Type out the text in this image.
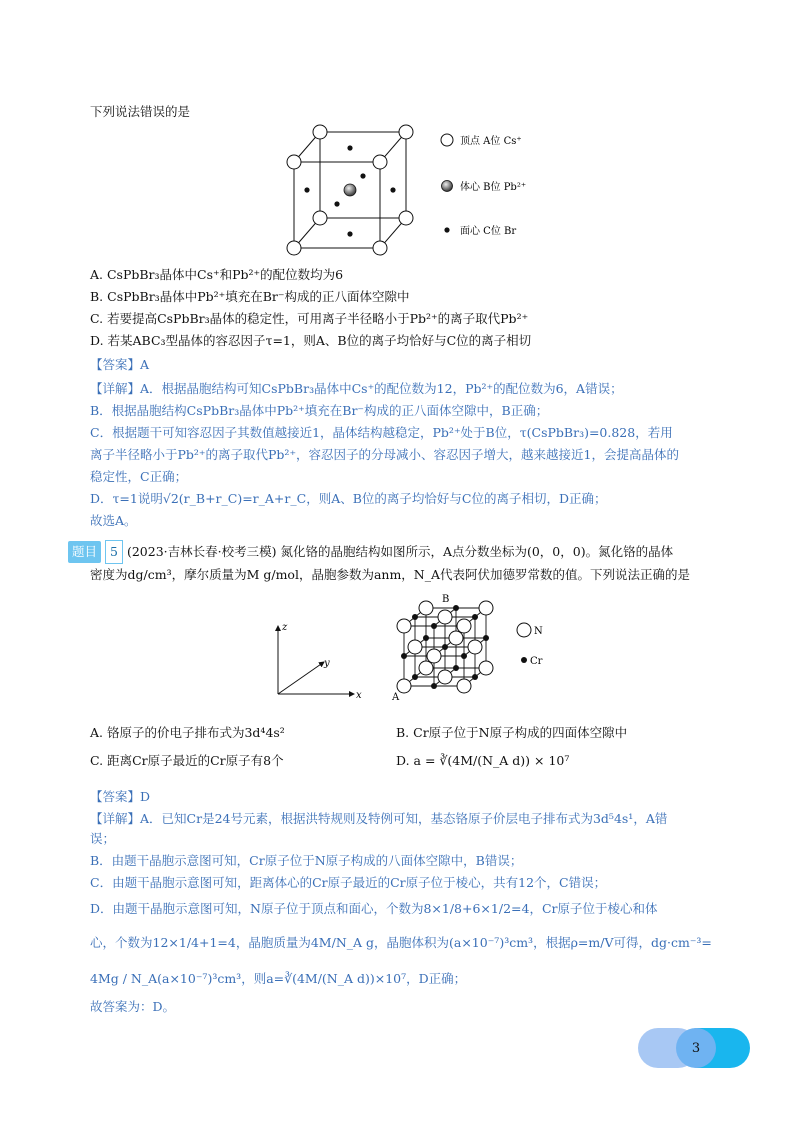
下列说法错误的是
顶点 A位 Cs⁺
体心 B位 Pb²⁺
面心 C位 Br
A. CsPbBr₃晶体中Cs⁺和Pb²⁺的配位数均为6
B. CsPbBr₃晶体中Pb²⁺填充在Br⁻构成的正八面体空隙中
C. 若要提高CsPbBr₃晶体的稳定性，可用离子半径略小于Pb²⁺的离子取代Pb²⁺
D. 若某ABC₃型晶体的容忍因子τ=1，则A、B位的离子均恰好与C位的离子相切
【答案】A
【详解】A．根据晶胞结构可知CsPbBr₃晶体中Cs⁺的配位数为12，Pb²⁺的配位数为6，A错误；
B．根据晶胞结构CsPbBr₃晶体中Pb²⁺填充在Br⁻构成的正八面体空隙中，B正确；
C．根据题干可知容忍因子其数值越接近1，晶体结构越稳定，Pb²⁺处于B位，τ(CsPbBr₃)=0.828，若用
离子半径略小于Pb²⁺的离子取代Pb²⁺，容忍因子的分母减小、容忍因子增大，越来越接近1，会提高晶体的
稳定性，C正确；
D．τ=1说明√2(r_B+r_C)=r_A+r_C，则A、B位的离子均恰好与C位的离子相切，D正确；
故选A。
题目 5 (2023·吉林长春·校考三模) 氮化铬的晶胞结构如图所示，A点分数坐标为(0，0，0)。氮化铬的晶体
密度为dg/cm³，摩尔质量为M g/mol，晶胞参数为anm，N_A代表阿伏加德罗常数的值。下列说法正确的是
z
y
x	A
B
N
Cr
A. 铬原子的价电子排布式为3d⁴4s²	B. Cr原子位于N原子构成的四面体空隙中
C. 距离Cr原子最近的Cr原子有8个	D. a = ∛(4M/(N_A d)) × 10⁷
【答案】D
【详解】A．已知Cr是24号元素，根据洪特规则及特例可知，基态铬原子价层电子排布式为3d⁵4s¹，A错
误；
B．由题干晶胞示意图可知，Cr原子位于N原子构成的八面体空隙中，B错误；
C．由题干晶胞示意图可知，距离体心的Cr原子最近的Cr原子位于棱心，共有12个，C错误；
D．由题干晶胞示意图可知，N原子位于顶点和面心，个数为8×1/8+6×1/2=4，Cr原子位于棱心和体
心，个数为12×1/4+1=4，晶胞质量为4M/N_A g，晶胞体积为(a×10⁻⁷)³cm³，根据ρ=m/V可得，dg·cm⁻³=
4Mg / N_A(a×10⁻⁷)³cm³，则a=∛(4M/(N_A d))×10⁷，D正确；
故答案为：D。
3
